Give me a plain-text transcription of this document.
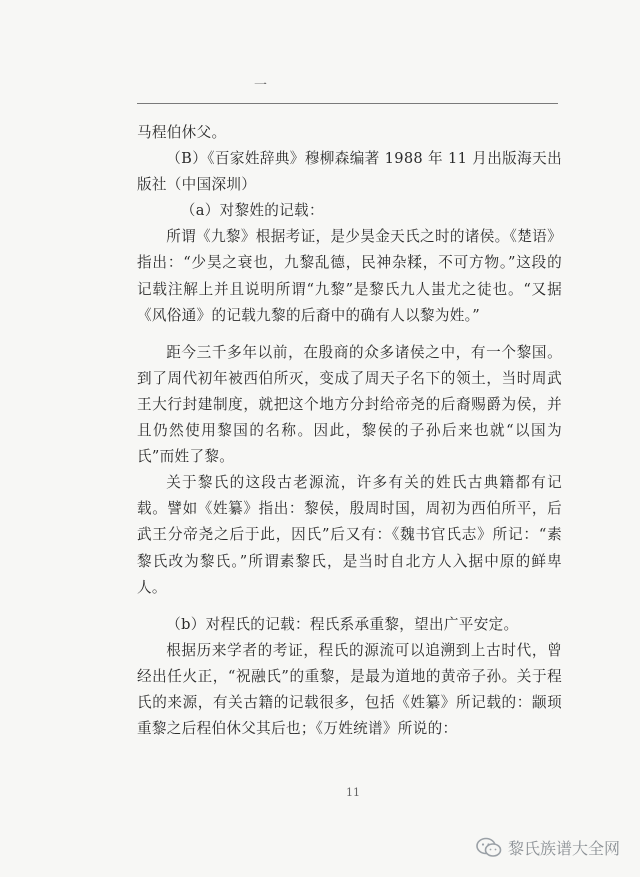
一

马程伯休父。

（B）《百家姓辞典》穆柳森编著 1988 年 11 月出版海天出版社（中国深圳）

（a）对黎姓的记载：

所谓《九黎》根据考证，是少昊金天氏之时的诸侯。《楚语》指出：“少昊之衰也，九黎乱德，民神杂糅，不可方物。”这段的记载注解上并且说明所谓“九黎”是黎氏九人蚩尤之徒也。“又据《风俗通》的记载九黎的后裔中的确有人以黎为姓。”

距今三千多年以前，在殷商的众多诸侯之中，有一个黎国。到了周代初年被西伯所灭，变成了周天子名下的领土，当时周武王大行封建制度，就把这个地方分封给帝尧的后裔赐爵为侯，并且仍然使用黎国的名称。因此，黎侯的子孙后来也就“以国为氏”而姓了黎。

关于黎氏的这段古老源流，许多有关的姓氏古典籍都有记载。譬如《姓纂》指出：黎侯，殷周时国，周初为西伯所平，后武王分帝尧之后于此，因氏”后又有：《魏书官氏志》所记：“素黎氏改为黎氏。”所谓素黎氏，是当时自北方人入据中原的鲜卑人。

（b）对程氏的记载：程氏系承重黎，望出广平安定。

根据历来学者的考证，程氏的源流可以追溯到上古时代，曾经出任火正，“祝融氏”的重黎，是最为道地的黄帝子孙。关于程氏的来源，有关古籍的记载很多，包括《姓纂》所记载的：颛顼重黎之后程伯休父其后也；《万姓统谱》所说的：

11
黎氏族谱大全网
